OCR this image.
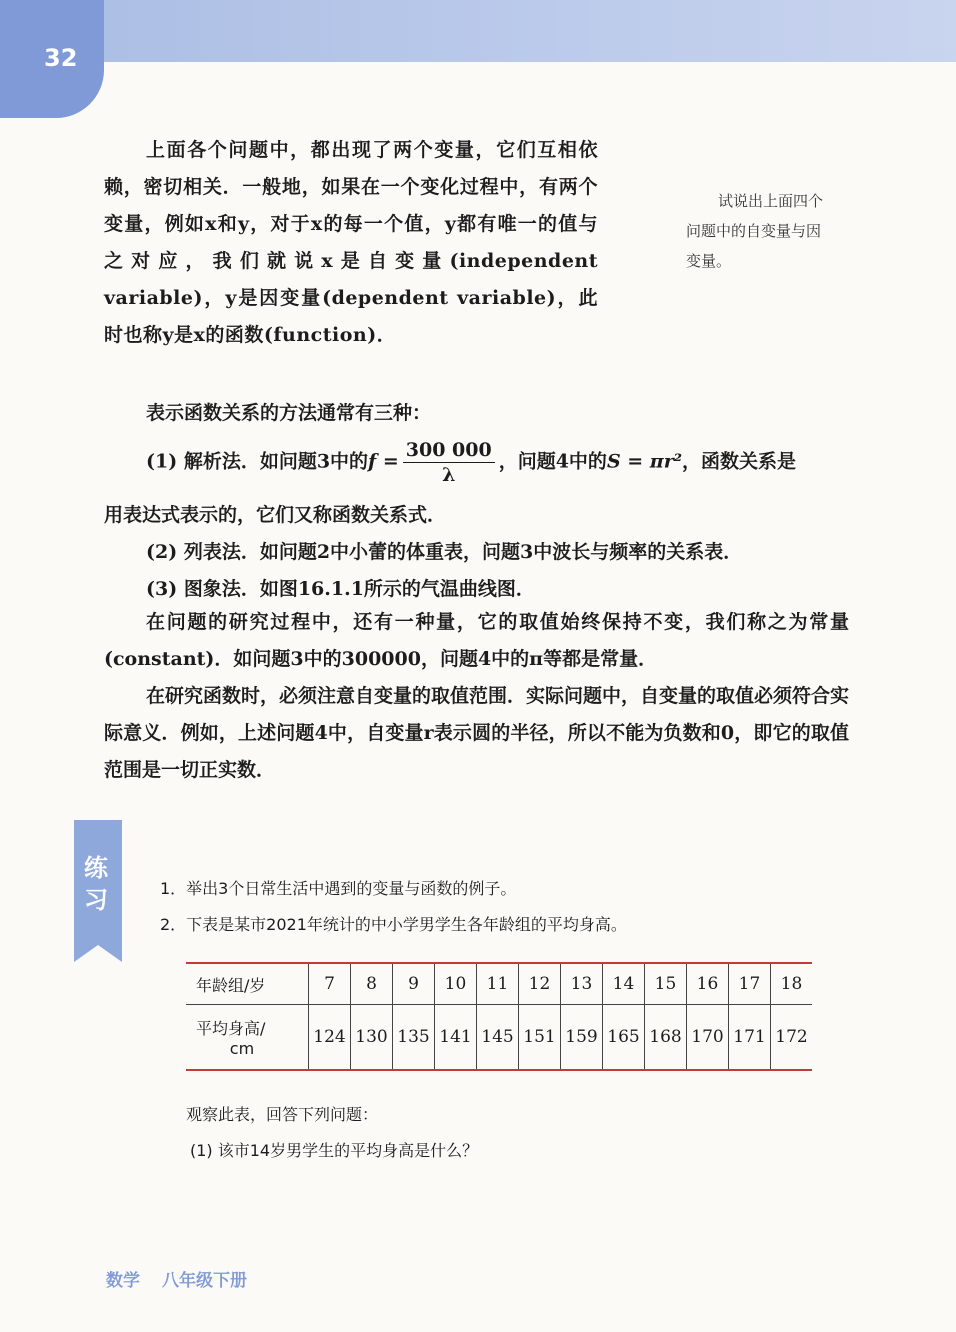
32
上面各个问题中，都出现了两个变量，它们互相依赖，密切相关．一般地，如果在一个变化过程中，有两个变量，例如x和y，对于x的每一个值，y都有唯一的值与之对应，我们就说x是自变量(independent variable)，y是因变量(dependent variable)，此时也称y是x的函数(function)．
试说出上面四个问题中的自变量与因变量。
表示函数关系的方法通常有三种：
(1) 解析法．如问题3中的$f = \frac{300 000}{\lambda}$ ，问题4中的S = πr²，函数关系是
用表达式表示的，它们又称函数关系式．
(2) 列表法．如问题2中小蕾的体重表，问题3中波长与频率的关系表．
(3) 图象法．如图16.1.1所示的气温曲线图．
在问题的研究过程中，还有一种量，它的取值始终保持不变，我们称之为常量(constant)．如问题3中的300000，问题4中的π等都是常量．
在研究函数时，必须注意自变量的取值范围．实际问题中，自变量的取值必须符合实际意义．例如，上述问题4中，自变量r表示圆的半径，所以不能为负数和0，即它的取值范围是一切正实数．
练习	1．举出3个日常生活中遇到的变量与函数的例子。
2．下表是某市2021年统计的中小学男学生各年龄组的平均身高。
年龄组/岁	7	8	9	10	11	12	13	14	15	16	17	18

平均身高/
cm	124	130	135	141	145	151	159	165	168	170	171	172
观察此表，回答下列问题：
(1) 该市14岁男学生的平均身高是什么？
数学 八年级下册
